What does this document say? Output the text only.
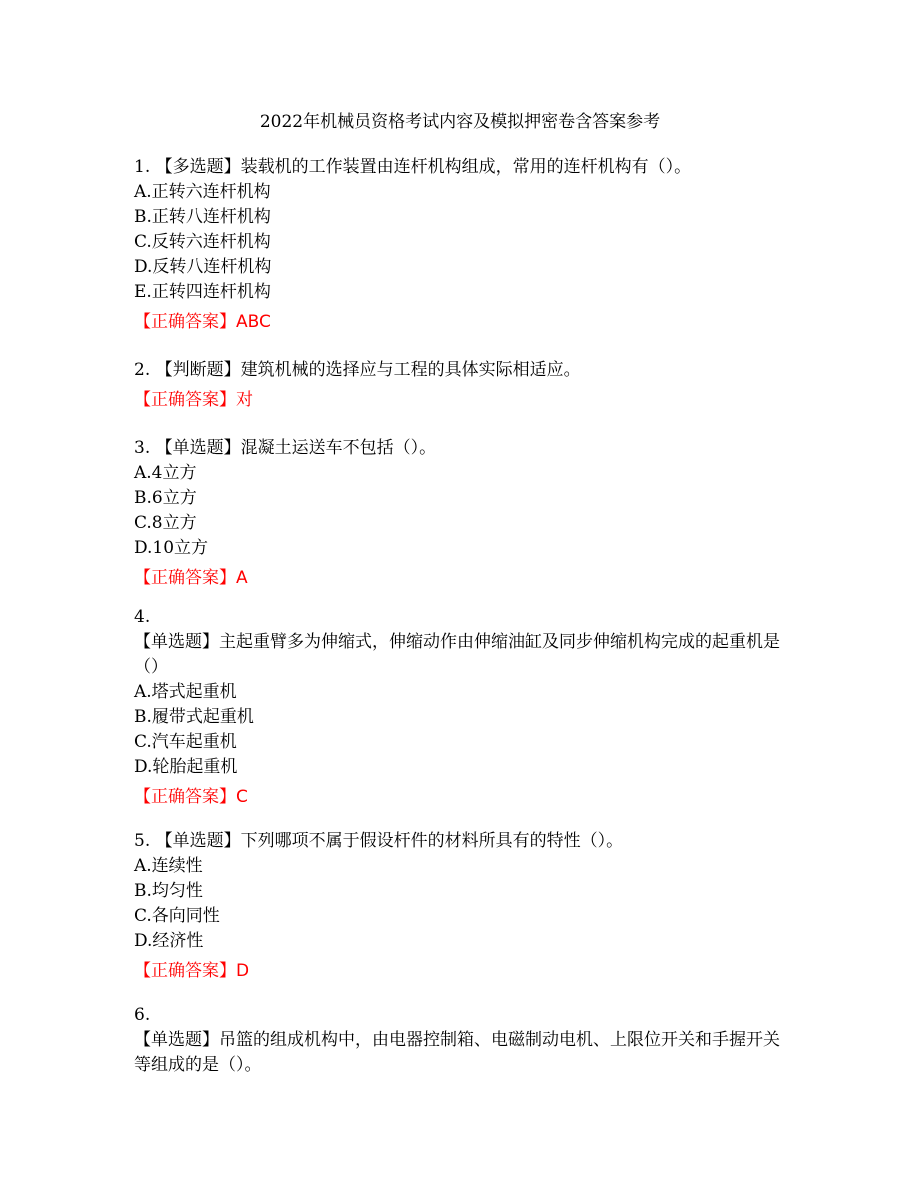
2022年机械员资格考试内容及模拟押密卷含答案参考
1. 【多选题】装载机的工作装置由连杆机构组成，常用的连杆机构有（）。
A.正转六连杆机构
B.正转八连杆机构
C.反转六连杆机构
D.反转八连杆机构
E.正转四连杆机构
【正确答案】ABC
2. 【判断题】建筑机械的选择应与工程的具体实际相适应。
【正确答案】对
3. 【单选题】混凝土运送车不包括（）。
A.4立方
B.6立方
C.8立方
D.10立方
【正确答案】A
4.
【单选题】主起重臂多为伸缩式，伸缩动作由伸缩油缸及同步伸缩机构完成的起重机是（）
A.塔式起重机
B.履带式起重机
C.汽车起重机
D.轮胎起重机
【正确答案】C
5. 【单选题】下列哪项不属于假设杆件的材料所具有的特性（）。
A.连续性
B.均匀性
C.各向同性
D.经济性
【正确答案】D
6.
【单选题】吊篮的组成机构中，由电器控制箱、电磁制动电机、上限位开关和手握开关等组成的是（）。
